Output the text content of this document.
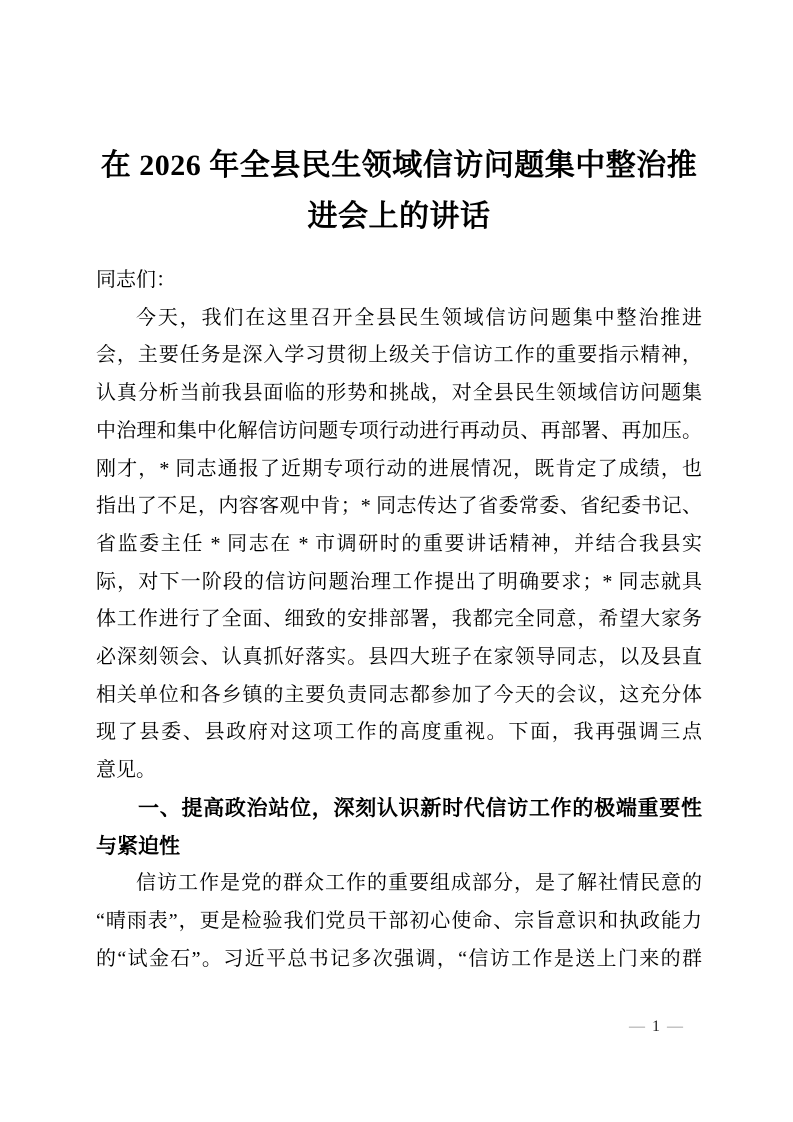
在 2026 年全县民生领域信访问题集中整治推
进会上的讲话
同志们：
今天，我们在这里召开全县民生领域信访问题集中整治推进
会，主要任务是深入学习贯彻上级关于信访工作的重要指示精神，
认真分析当前我县面临的形势和挑战，对全县民生领域信访问题集
中治理和集中化解信访问题专项行动进行再动员、再部署、再加压。
刚才，* 同志通报了近期专项行动的进展情况，既肯定了成绩，也
指出了不足，内容客观中肯；* 同志传达了省委常委、省纪委书记、
省监委主任 * 同志在 * 市调研时的重要讲话精神，并结合我县实
际，对下一阶段的信访问题治理工作提出了明确要求；* 同志就具
体工作进行了全面、细致的安排部署，我都完全同意，希望大家务
必深刻领会、认真抓好落实。县四大班子在家领导同志，以及县直
相关单位和各乡镇的主要负责同志都参加了今天的会议，这充分体
现了县委、县政府对这项工作的高度重视。下面，我再强调三点
意见。
一、提高政治站位，深刻认识新时代信访工作的极端重要性
与紧迫性
信访工作是党的群众工作的重要组成部分，是了解社情民意的
“晴雨表”，更是检验我们党员干部初心使命、宗旨意识和执政能力
的“试金石”。习近平总书记多次强调，“信访工作是送上门来的群
— 1 —
